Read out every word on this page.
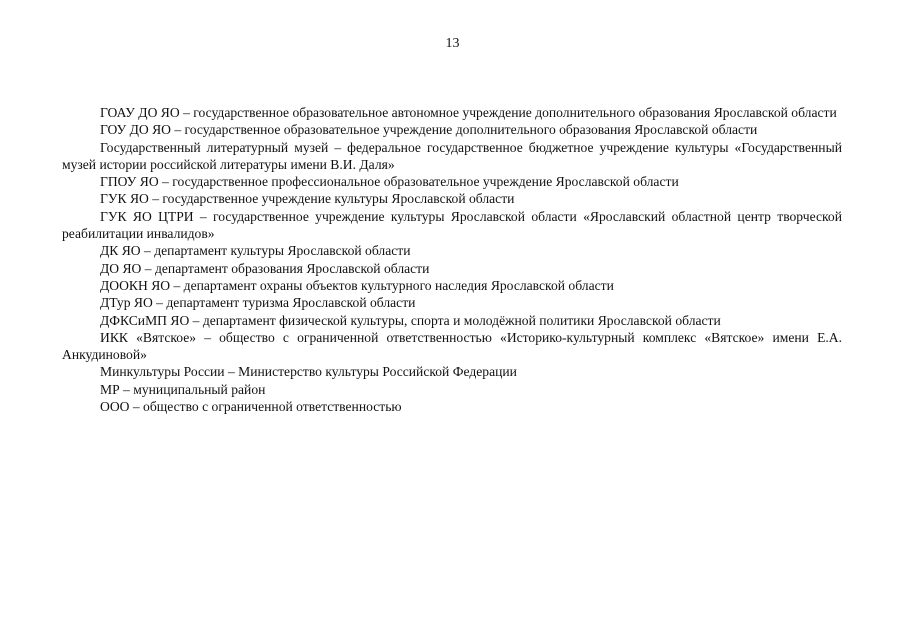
13

ГОАУ ДО ЯО – государственное образовательное автономное учреждение дополнительного образования Ярославской области

ГОУ ДО ЯО – государственное образовательное учреждение дополнительного образования Ярославской области

Государственный литературный музей – федеральное государственное бюджетное учреждение культуры «Государственный музей истории российской литературы имени В.И. Даля»

ГПОУ ЯО – государственное профессиональное образовательное учреждение Ярославской области

ГУК ЯО – государственное учреждение культуры Ярославской области

ГУК ЯО ЦТРИ – государственное учреждение культуры Ярославской области «Ярославский областной центр творческой реабилитации инвалидов»

ДК ЯО – департамент культуры Ярославской области

ДО ЯО – департамент образования Ярославской области

ДООКН ЯО – департамент охраны объектов культурного наследия Ярославской области

ДТур ЯО – департамент туризма Ярославской области

ДФКСиМП ЯО – департамент физической культуры, спорта и молодёжной политики Ярославской области

ИКК «Вятское» – общество с ограниченной ответственностью «Историко-культурный комплекс «Вятское» имени Е.А. Анкудиновой»

Минкультуры России – Министерство культуры Российской Федерации

МР – муниципальный район

ООО – общество с ограниченной ответственностью
